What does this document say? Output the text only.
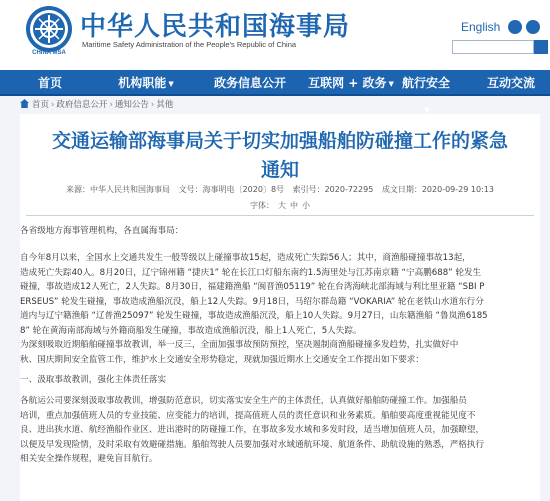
CHINA MSA
中华人民共和国海事局
Maritime Safety Administration of the People's Republic of China
English
首页	机构职能 ▼	政务信息公开	互联网 + 政务 ▼ 航行安全▼
互动交流
首页 › 政府信息公开 › 通知公告 › 其他
交通运输部海事局关于切实加强船舶防碰撞工作的紧急
通知
来源：中华人民共和国海事局 文号：海事明电〔2020〕8号 索引号：2020-72295 成文日期：2020-09-29 10:13
字体： 大 中 小
各省级地方海事管理机构，各直属海事局：
自今年8月以来，全国水上交通共发生一般等级以上碰撞事故15起，造成死亡失踪56人；其中，商渔船碰撞事故13起，
造成死亡失踪40人。8月20日，辽宁锦州籍 “捷庆1” 轮在长江口灯船东南约1.5海里处与江苏南京籍 “宁高鹏688” 轮发生
碰撞，事故造成12人死亡，2人失踪。8月30日，福建籍渔船 “闽晋渔05119” 轮在台湾海峡北部海域与利比里亚籍 “SBI P
ERSEUS” 轮发生碰撞，事故造成渔船沉没，船上12人失踪。9月18日，马绍尔群岛籍 “VOKARIA” 轮在老铁山水道东行分
道内与辽宁籍渔船 “辽普渔25097” 轮发生碰撞，事故造成渔船沉没，船上10人失踪。9月27日，山东籍渔船 “鲁岚渔6185
8” 轮在黄海南部海域与外籍商船发生碰撞，事故造成渔船沉没，船上1人死亡，5人失踪。
为深刻吸取近期船舶碰撞事故教训，举一反三，全面加强事故预防预控，坚决遏制商渔船碰撞多发趋势，扎实做好中
秋、国庆期间安全监管工作，维护水上交通安全形势稳定，现就加强近期水上交通安全工作提出如下要求：
一、汲取事故教训，强化主体责任落实
各航运公司要深刻汲取事故教训，增强防范意识，切实落实安全生产的主体责任，认真做好船舶防碰撞工作。加强船员
培训，重点加强值班人员的专业技能、应变能力的培训，提高值班人员的责任意识和业务素质。船舶要高度重视能见度不
良、进出狭水道、航经渔船作业区、进出港时的防碰撞工作，在事故多发水域和多发时段，适当增加值班人员，加强瞭望，
以便及早发现险情，及时采取有效避碰措施。船舶驾驶人员要加强对水域通航环境、航道条件、助航设施的熟悉，严格执行
相关安全操作规程，避免盲目航行。
